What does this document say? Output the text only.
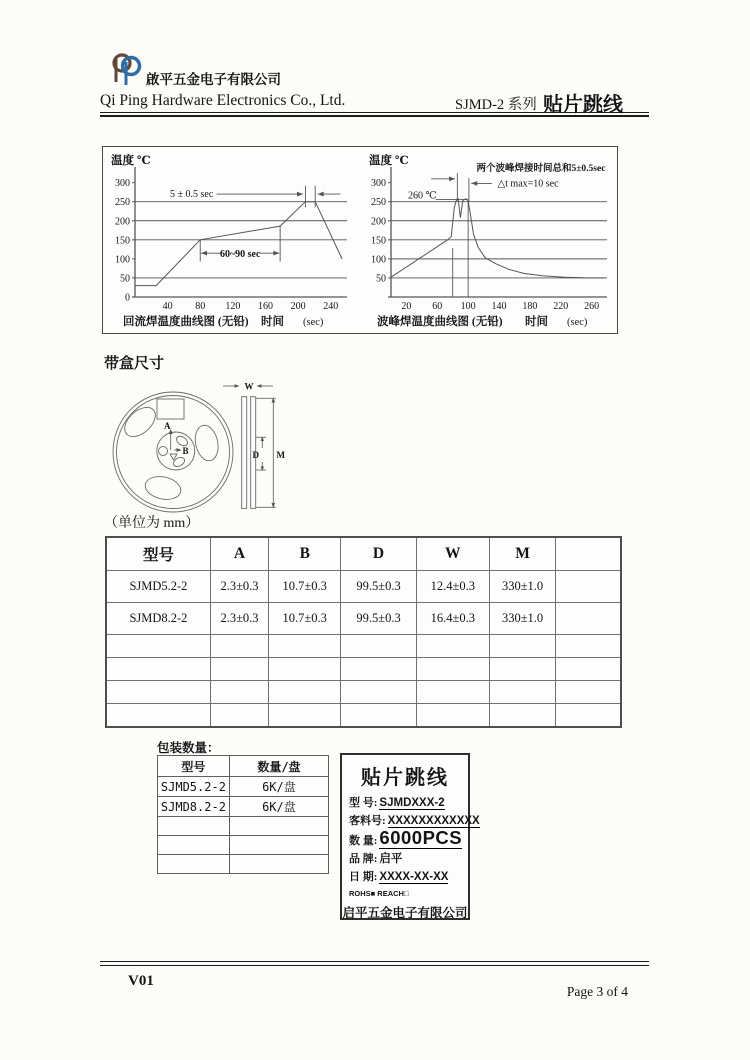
啟平五金电子有限公司
Qi Ping Hardware Electronics Co., Ltd.	SJMD-2 系列 贴片跳线
0
50
100
150
200
250
300
40 80 120 160 200 240
温度 ℃
回流焊温度曲线图 (无铅) 时间 (sec)
5 ± 0.5 sec
60~90 sec
50
100
150
200
250
300
20 60 100 140 180 220 260
温度 ℃
波峰焊温度曲线图 (无铅) 时间 (sec)
两个波峰焊接时间总和5±0.5sec
△t max=10 sec
260 ℃
带盒尺寸
A
B
W
D M
（单位为 mm）
型号	A	B	D	W	M	
SJMD5.2-2	2.3±0.3	10.7±0.3	99.5±0.3	12.4±0.3	330±1.0	
SJMD8.2-2	2.3±0.3	10.7±0.3	99.5±0.3	16.4±0.3	330±1.0	

包装数量：
型号	数量/盘
SJMD5.2-2	6K/盘
SJMD8.2-2	6K/盘

贴片跳线
型 号: SJMDXXX-2
客料号: XXXXXXXXXXXX
数 量: 6000PCS
品 牌: 启平
日 期: XXXX-XX-XX
ROHS■ REACH□
启平五金电子有限公司
V01
Page 3 of 4
